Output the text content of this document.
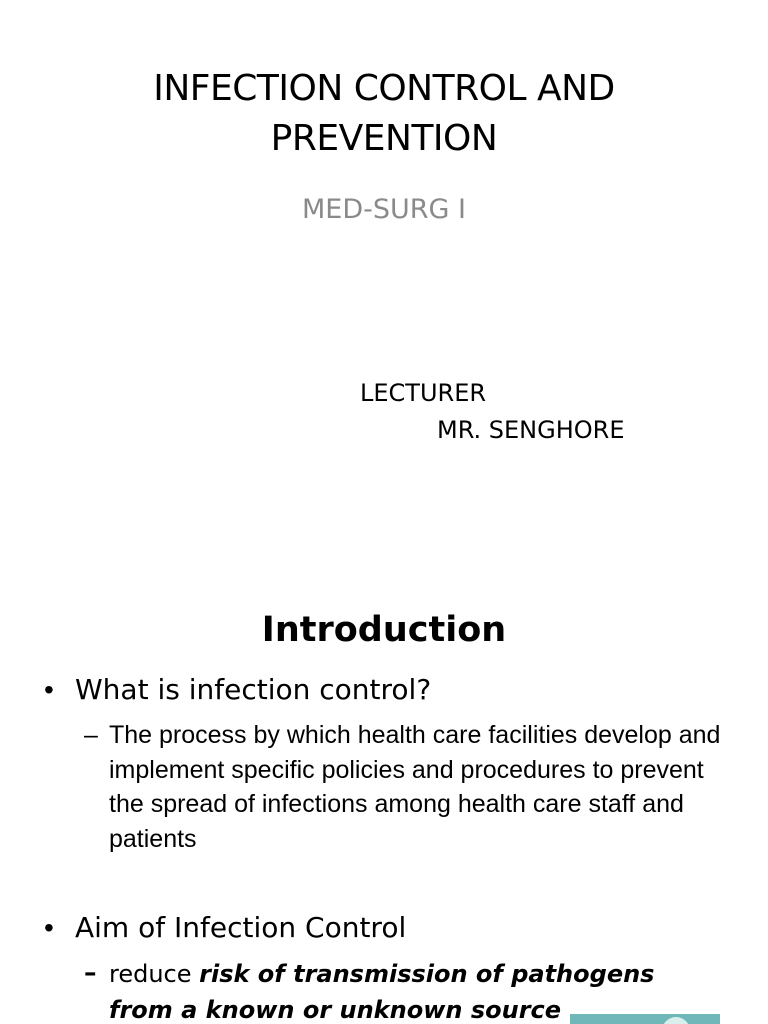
INFECTION CONTROL AND
PREVENTION
MED-SURG I
LECTURER
MR. SENGHORE
Introduction
• What is infection control?
– The process by which health care facilities develop and implement specific policies and procedures to prevent the spread of infections among health care staff and patients
• Aim of Infection Control
– reduce risk of transmission of pathogens from a known or unknown source
